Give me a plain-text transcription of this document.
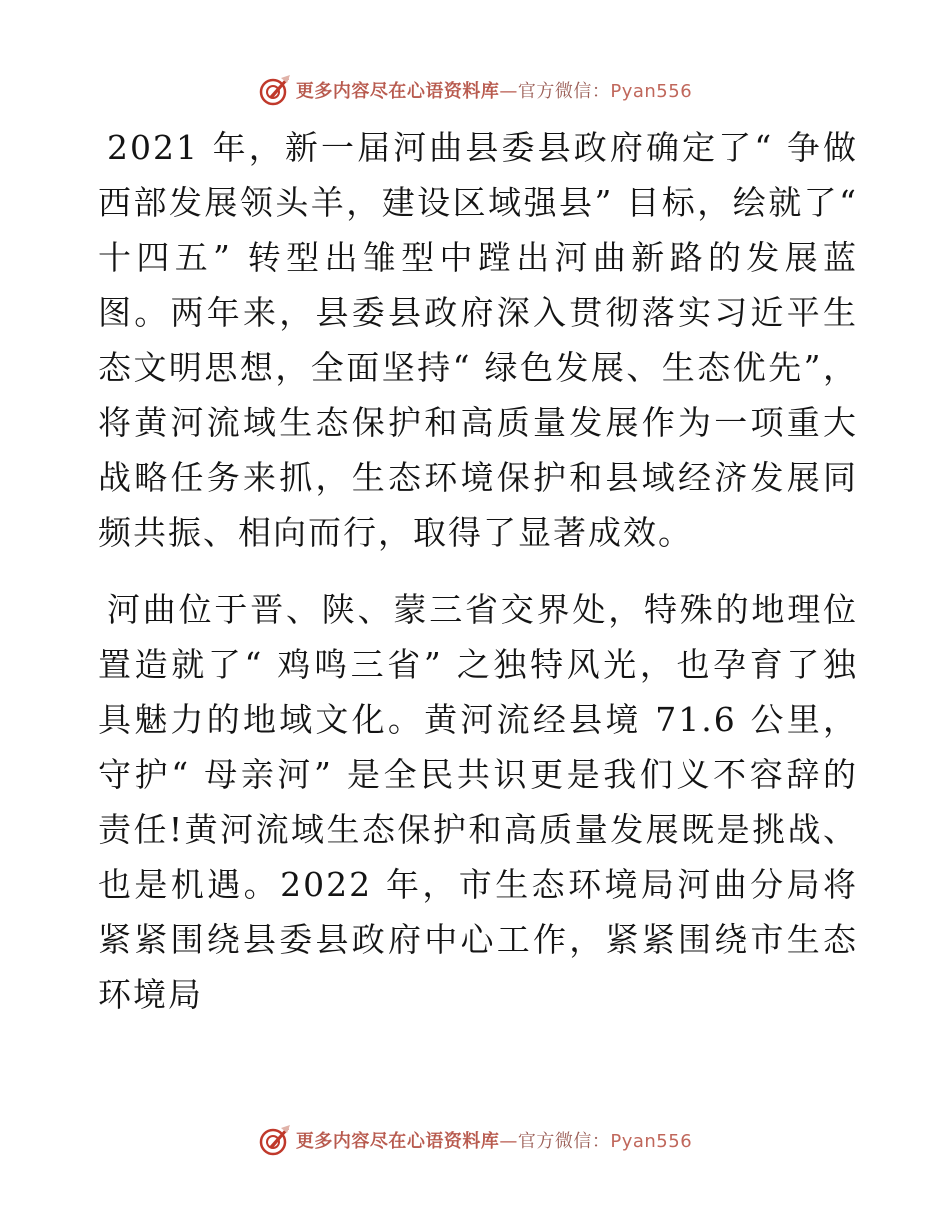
更多内容尽在心语资料库—官方微信：Pyan556

2021 年，新一届河曲县委县政府确定了“ 争做西部发展领头羊，建设区域强县” 目标，绘就了“ 十四五” 转型出雏型中蹚出河曲新路的发展蓝图。两年来，县委县政府深入贯彻落实习近平生态文明思想，全面坚持“ 绿色发展、生态优先”，将黄河流域生态保护和高质量发展作为一项重大战略任务来抓，生态环境保护和县域经济发展同频共振、相向而行，取得了显著成效。

河曲位于晋、陕、蒙三省交界处，特殊的地理位置造就了“ 鸡鸣三省” 之独特风光，也孕育了独具魅力的地域文化。黄河流经县境 71.6 公里，守护“ 母亲河” 是全民共识更是我们义不容辞的责任!黄河流域生态保护和高质量发展既是挑战、也是机遇。2022 年，市生态环境局河曲分局将紧紧围绕县委县政府中心工作，紧紧围绕市生态环境局

更多内容尽在心语资料库—官方微信：Pyan556
